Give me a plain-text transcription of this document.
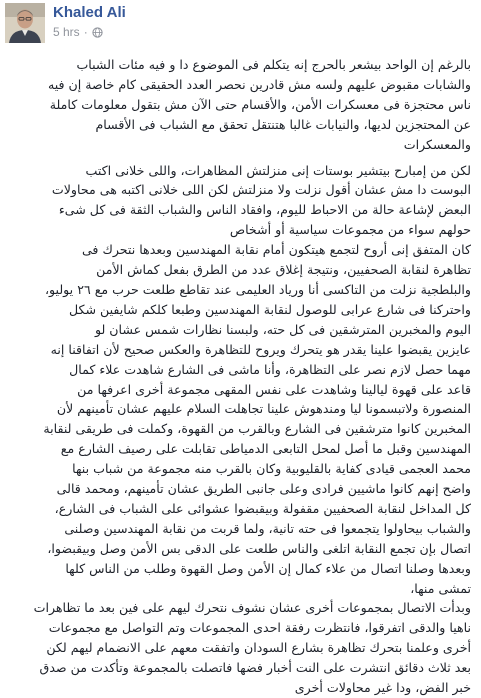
Khaled Ali
5 hrs ·

بالرغم إن الواحد بيشعر بالحرج إنه يتكلم فى الموضوع دا و فيه مئات الشباب
والشابات مقبوض عليهم ولسه مش قادرين نحصر العدد الحقيقى كام خاصة إن فيه
ناس محتجزة فى معسكرات الأمن، والأقسام حتى الآن مش بتقول معلومات كاملة
عن المحتجزين لديها، والنيابات غالبا هتنتقل تحقق مع الشباب فى الأقسام
والمعسكرات

لكن من إمبارح بيتشير بوستات إنى منزلتش المظاهرات، واللى خلانى اكتب
البوست دا مش عشان أقول نزلت ولا منزلتش لكن اللى خلانى اكتبه هى محاولات
البعض لإشاعة حالة من الاحباط لليوم، وافقاد الناس والشباب الثقة فى كل شىء
حولهم سواء من مجموعات سياسية أو أشخاص

كان المتفق إنى أروح لتجمع هيتكون أمام نقابة المهندسين وبعدها نتحرك فى
تظاهرة لنقابة الصحفيين، ونتيجة إغلاق عدد من الطرق بفعل كماش الأمن
والبلطجية نزلت من التاكسى أنا ورياد العليمى عند تقاطع طلعت حرب مع ٢٦ يوليو،
واحتركنا فى شارع عرابى للوصول لنقابة المهندسين وطبعا كلكم شايفين شكل
اليوم والمخبرين المترشقين فى كل حته، ولبسنا نظارات شمس عشان لو
عايزين يقبضوا علينا يقدر هو يتحرك ويروح للتظاهرة والعكس صحيح لأن اتفاقنا إنه
مهما حصل لازم نصر على التظاهرة، وأنا ماشى فى الشارع شاهدت علاء كمال
قاعد على قهوة ليالينا وشاهدت على نفس المقهى مجموعة أخرى اعرفها من
المنصورة ولاتبسمونا ليا ومندهوش علينا تجاهلت السلام عليهم عشان تأمينهم لأن
المخبرين كانوا مترشقين فى الشارع وبالقرب من القهوة، وكملت فى طريقى لنقابة
المهندسين وقبل ما أصل لمحل التابعى الدمياطى تقابلت على رصيف الشارع مع
محمد العجمى قيادى كفاية بالقليوبية وكان بالقرب منه مجموعة من شباب بنها
واضح إنهم كانوا ماشيين فرادى وعلى جانبى الطريق عشان تأمينهم، ومحمد قالى
كل المداخل لنقابة الصحفيين مقفولة وبيقبضوا عشوائى على الشباب فى الشارع،
والشباب بيحاولوا يتجمعوا فى حته تانية، ولما قربت من نقابة المهندسين وصلنى
اتصال بإن تجمع النقابة اتلغى والناس طلعت على الدقى بس الأمن وصل وبيقبضوا،
وبعدها وصلنا اتصال من علاء كمال إن الأمن وصل القهوة وطلب من الناس كلها
تمشى منها،

وبدأت الاتصال بمجموعات أخرى عشان نشوف نتحرك ليهم على فين بعد ما تظاهرات
ناهيا والدقى اتفرقوا، فانتظرت رفقة احدى المجموعات وتم التواصل مع مجموعات
أخرى وعلمنا بتحرك تظاهرة بشارع السودان واتفقت معهم على الانضمام ليهم لكن
بعد ثلاث دقائق انتشرت على النت أخبار فضها فاتصلت بالمجموعة وتأكدت من صدق
خبر الفض، ودا غير محاولات أخرى
